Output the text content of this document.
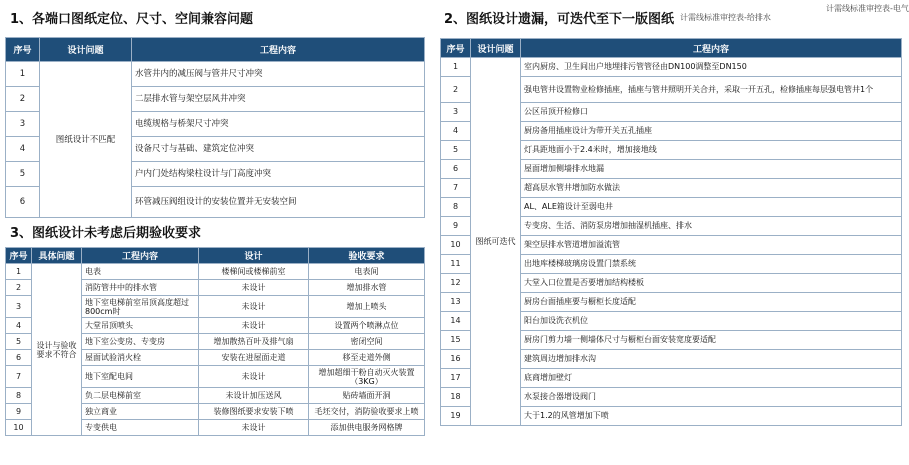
1、各端口图纸定位、尺寸、空间兼容问题
序号	设计问题	工程内容
1	图纸设计不匹配	水管井内的减压阀与管井尺寸冲突
2		二层排水管与架空层风井冲突
3		电缆规格与桥架尺寸冲突
4		设备尺寸与基础、建筑定位冲突
5		户内门处结构梁柱设计与门高度冲突
6		环管减压阀组设计的安装位置并无安装空间
3、图纸设计未考虑后期验收要求
序号	具体问题	工程内容	设计	验收要求
1	设计与验收要求不符合	电表	楼梯间或楼梯前室	电表间
2		消防管井中的排水管	未设计	增加排水管
3		地下室电梯前室吊顶高度超过800cm时	未设计	增加上喷头
4		大堂吊顶喷头	未设计	设置两个喷淋点位
5		地下室公变房、专变房	增加散热百叶及排气扇	密闭空间
6		屋面试验消火栓	安装在进屋面走道	移至走道外侧
7		地下室配电间	未设计	增加超细干粉自动灭火装置（3KG）
8		负二层电梯前室	未设计加压送风	贴砖墙面开洞
9		独立商业	装修图纸要求安装下喷	毛坯交付，消防验收要求上喷
10		专变供电	未设计	添加供电服务网格牌
2、图纸设计遗漏，可迭代至下一版图纸 计需线标准审控表-给排水
计需线标准审控表-电气
序号	设计问题	工程内容
1	图纸可迭代	室内厨房、卫生间出户地埋排污管管径由DN100调整至DN150
2		强电管井设置物业检修插座，插座与管井照明开关合并，采取一开五孔，检修插座每层强电管井1个
3		公区吊顶开检修口
4		厨房备用插座设计为带开关五孔插座
5		灯具距地面小于2.4米时，增加接地线
6		屋面增加侧墙排水地漏
7		超高层水管井增加防水做法
8		AL、ALE箱设计至弱电井
9		专变房、生活、消防泵房增加抽湿机插座、排水
10		架空层排水管道增加溢流管
11		出地库楼梯玻璃房设置门禁系统
12		大堂入口位置是否要增加结构楼板
13		厨房台面插座要与橱柜长度适配
14		阳台加设洗衣机位
15		厨房门剪力墙一侧墙体尺寸与橱柜台面安装宽度要适配
16		建筑周边增加排水沟
17		底商增加壁灯
18		水泵接合器增设阀门
19		大于1.2的风管增加下喷
